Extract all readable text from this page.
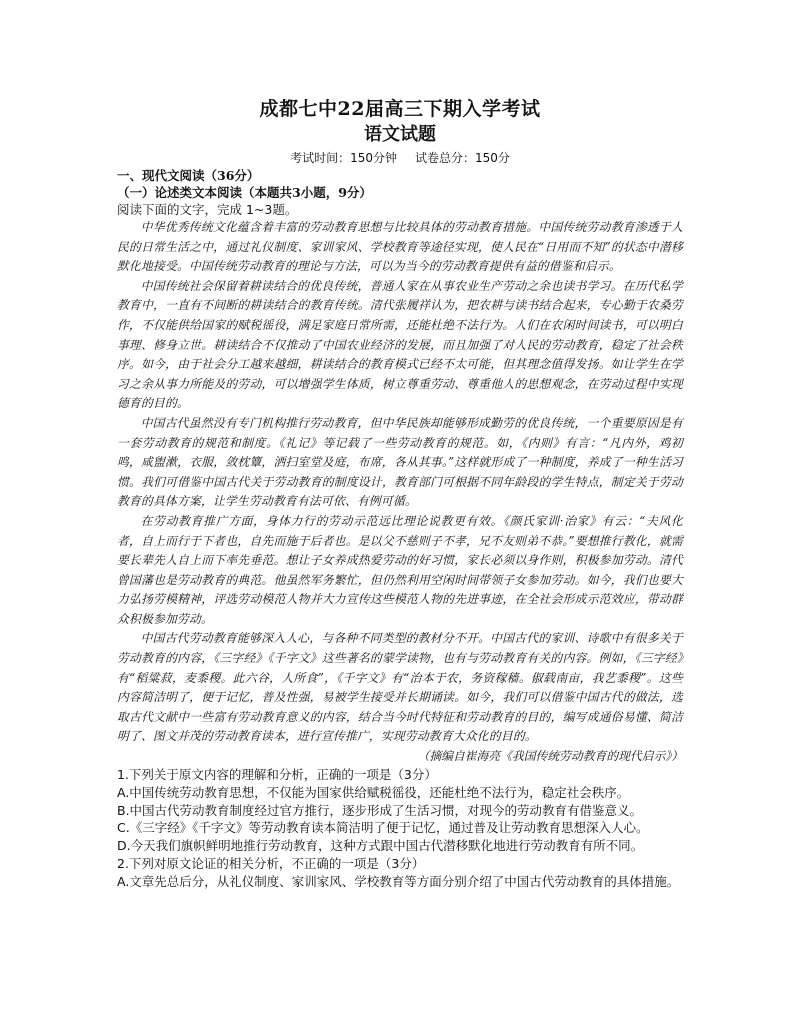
成都七中22届高三下期入学考试
语文试题

考试时间：150分钟 试卷总分：150分

一、现代文阅读（36分）

（一）论述类文本阅读（本题共3小题，9分）

阅读下面的文字，完成 1~3题。

中华优秀传统文化蕴含着丰富的劳动教育思想与比较具体的劳动教育措施。中国传统劳动教育渗透于人民的日常生活之中，通过礼仪制度、家训家风、学校教育等途径实现，使人民在“日用而不知”的状态中潜移默化地接受。中国传统劳动教育的理论与方法，可以为当今的劳动教育提供有益的借鉴和启示。

中国传统社会保留着耕读结合的优良传统，普通人家在从事农业生产劳动之余也读书学习。在历代私学教育中，一直有不间断的耕读结合的教育传统。清代张履祥认为，把农耕与读书结合起来，专心勤于农桑劳作，不仅能供给国家的赋税徭役，满足家庭日常所需，还能杜绝不法行为。人们在农闲时间读书，可以明白事理、修身立世。耕读结合不仅推动了中国农业经济的发展，而且加强了对人民的劳动教育，稳定了社会秩序。如今，由于社会分工越来越细，耕读结合的教育模式已经不太可能，但其理念值得发扬。如让学生在学习之余从事力所能及的劳动，可以增强学生体质，树立尊重劳动、尊重他人的思想观念，在劳动过程中实现德育的目的。

中国古代虽然没有专门机构推行劳动教育，但中华民族却能够形成勤劳的优良传统，一个重要原因是有一套劳动教育的规范和制度。《礼记》等记载了一些劳动教育的规范。如，《内则》有言：“凡内外，鸡初鸣，咸盥漱，衣服，敛枕簟，洒扫室堂及庭，布席，各从其事。”这样就形成了一种制度，养成了一种生活习惯。我们可借鉴中国古代关于劳动教育的制度设计，教育部门可根据不同年龄段的学生特点，制定关于劳动教育的具体方案，让学生劳动教育有法可依、有例可循。

在劳动教育推广方面，身体力行的劳动示范远比理论说教更有效。《颜氏家训·治家》有云：“夫风化者，自上而行于下者也，自先而施于后者也。是以父不慈则子不孝，兄不友则弟不恭。”要想推行教化，就需要长辈先人自上而下率先垂范。想让子女养成热爱劳动的好习惯，家长必须以身作则，积极参加劳动。清代曾国藩也是劳动教育的典范。他虽然军务繁忙，但仍然利用空闲时间带领子女参加劳动。如今，我们也要大力弘扬劳模精神，评选劳动模范人物并大力宣传这些模范人物的先进事迹，在全社会形成示范效应，带动群众积极参加劳动。

中国古代劳动教育能够深入人心，与各种不同类型的教材分不开。中国古代的家训、诗歌中有很多关于劳动教育的内容，《三字经》《千字文》这些著名的蒙学读物，也有与劳动教育有关的内容。例如，《三字经》有“稻粱菽，麦黍稷。此六谷，人所食”，《千字文》有“治本于农，务资稼穑。俶载南亩，我艺黍稷”。这些内容简洁明了，便于记忆，普及性强，易被学生接受并长期诵读。如今，我们可以借鉴中国古代的做法，选取古代文献中一些富有劳动教育意义的内容，结合当今时代特征和劳动教育的目的，编写成通俗易懂、简洁明了、图文并茂的劳动教育读本，进行宣传推广，实现劳动教育大众化的目的。

（摘编自崔海亮《我国传统劳动教育的现代启示》）

1.下列关于原文内容的理解和分析，正确的一项是（3分）

A.中国传统劳动教育思想，不仅能为国家供给赋税徭役，还能杜绝不法行为，稳定社会秩序。

B.中国古代劳动教育制度经过官方推行，逐步形成了生活习惯，对现今的劳动教育有借鉴意义。

C.《三字经》《千字文》等劳动教育读本简洁明了便于记忆，通过普及让劳动教育思想深入人心。

D.今天我们旗帜鲜明地推行劳动教育，这种方式跟中国古代潜移默化地进行劳动教育有所不同。

2.下列对原文论证的相关分析，不正确的一项是（3分）

A.文章先总后分，从礼仪制度、家训家风、学校教育等方面分别介绍了中国古代劳动教育的具体措施。
